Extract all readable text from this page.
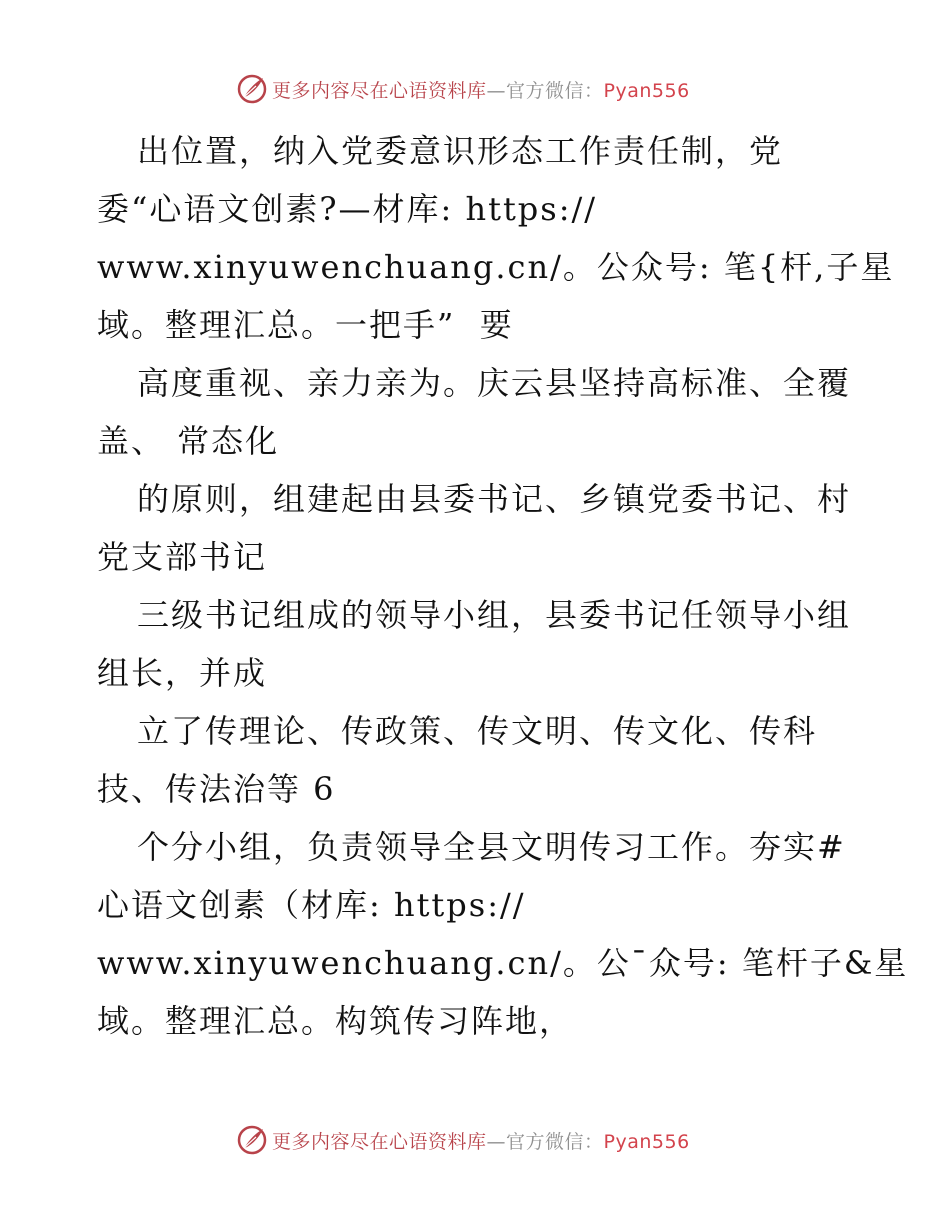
更多内容尽在心语资料库—官方微信：Pyan556
出位置，纳入党委意识形态工作责任制，党
委“心语文创素?—材库: https://
www.xinyuwenchuang.cn/。公众号: 笔{杆,子星
域。整理汇总。一把手”  要
高度重视、亲力亲为。庆云县坚持高标准、全覆
盖、 常态化
的原则，组建起由县委书记、乡镇党委书记、村
党支部书记
三级书记组成的领导小组，县委书记任领导小组
组长，并成
立了传理论、传政策、传文明、传文化、传科
技、传法治等 6
个分小组，负责领导全县文明传习工作。夯实#
心语文创素（材库: https://
www.xinyuwenchuang.cn/。公¯众号: 笔杆子&星
域。整理汇总。构筑传习阵地，
更多内容尽在心语资料库—官方微信：Pyan556
